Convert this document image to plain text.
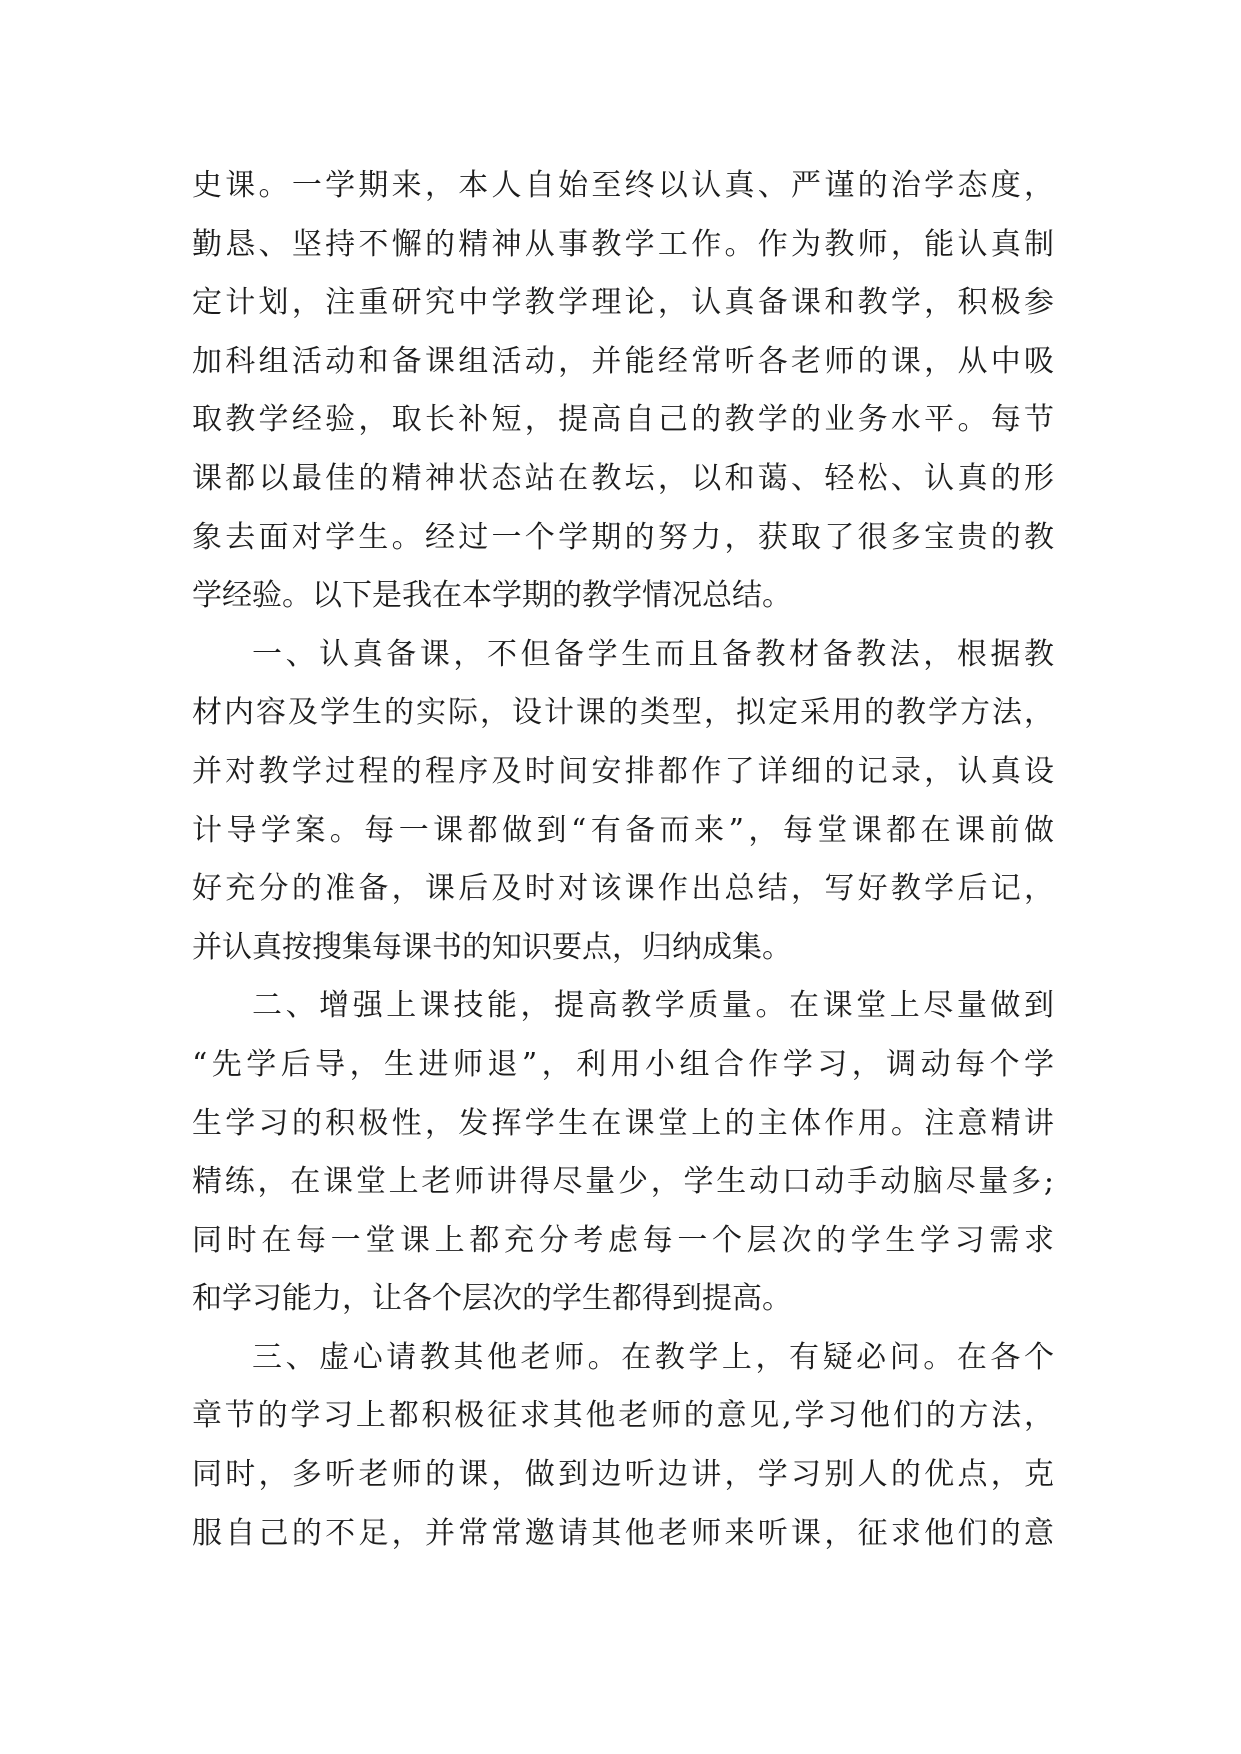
史课。一学期来，本人自始至终以认真、严谨的治学态度，
勤恳、坚持不懈的精神从事教学工作。作为教师，能认真制
定计划，注重研究中学教学理论，认真备课和教学，积极参
加科组活动和备课组活动，并能经常听各老师的课，从中吸
取教学经验，取长补短，提高自己的教学的业务水平。每节
课都以最佳的精神状态站在教坛，以和蔼、轻松、认真的形
象去面对学生。经过一个学期的努力，获取了很多宝贵的教
学经验。以下是我在本学期的教学情况总结。
一、认真备课，不但备学生而且备教材备教法，根据教
材内容及学生的实际，设计课的类型，拟定采用的教学方法，
并对教学过程的程序及时间安排都作了详细的记录，认真设
计导学案。每一课都做到“有备而来”，每堂课都在课前做
好充分的准备，课后及时对该课作出总结，写好教学后记，
并认真按搜集每课书的知识要点，归纳成集。
二、增强上课技能，提高教学质量。在课堂上尽量做到
“先学后导，生进师退”，利用小组合作学习，调动每个学
生学习的积极性，发挥学生在课堂上的主体作用。注意精讲
精练，在课堂上老师讲得尽量少，学生动口动手动脑尽量多;
同时在每一堂课上都充分考虑每一个层次的学生学习需求
和学习能力，让各个层次的学生都得到提高。
三、虚心请教其他老师。在教学上，有疑必问。在各个
章节的学习上都积极征求其他老师的意见,学习他们的方法，
同时，多听老师的课，做到边听边讲，学习别人的优点，克
服自己的不足，并常常邀请其他老师来听课，征求他们的意
